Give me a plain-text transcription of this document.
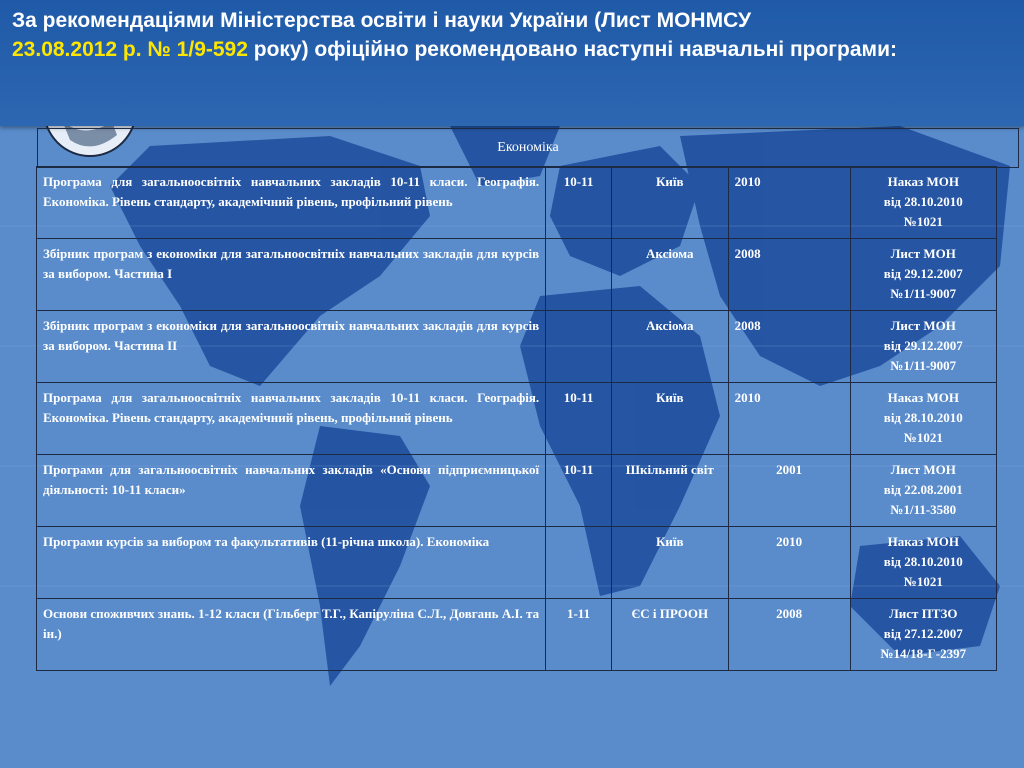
За рекомендаціями Міністерства освіти і науки України (Лист МОНМСУ
23.08.2012 р. № 1/9-592 року) офіційно рекомендовано наступні навчальні програми:
Економіка
Програма для загальноосвітніх навчальних закладів 10-11 класи. Географія. Економіка. Рівень стандарту, академічний рівень, профільний рівень	10-11	Київ	2010	Наказ МОН
від 28.10.2010
№1021

Збірник програм з економіки для загальноосвітніх навчальних закладів для курсів за вибором. Частина І		Аксіома	2008	Лист МОН
від 29.12.2007
№1/11-9007

Збірник програм з економіки для загальноосвітніх навчальних закладів для курсів за вибором. Частина ІІ		Аксіома	2008	Лист МОН
від 29.12.2007
№1/11-9007

Програма для загальноосвітніх навчальних закладів 10-11 класи. Географія. Економіка. Рівень стандарту, академічний рівень, профільний рівень	10-11	Київ	2010	Наказ МОН
від 28.10.2010
№1021

Програми для загальноосвітніх навчальних закладів «Основи підприємницької діяльності: 10-11 класи»	10-11	Шкільний світ	2001	Лист МОН
від 22.08.2001
№1/11-3580

Програми курсів за вибором та факультативів (11-річна школа). Економіка		Київ	2010	Наказ МОН
від 28.10.2010
№1021

Основи споживчих знань. 1-12 класи (Гільберг Т.Г., Капіруліна С.Л., Довгань А.І. та ін.)	1-11	ЄС і ПРООН	2008	Лист ПТЗО
від 27.12.2007
№14/18-Г-2397
